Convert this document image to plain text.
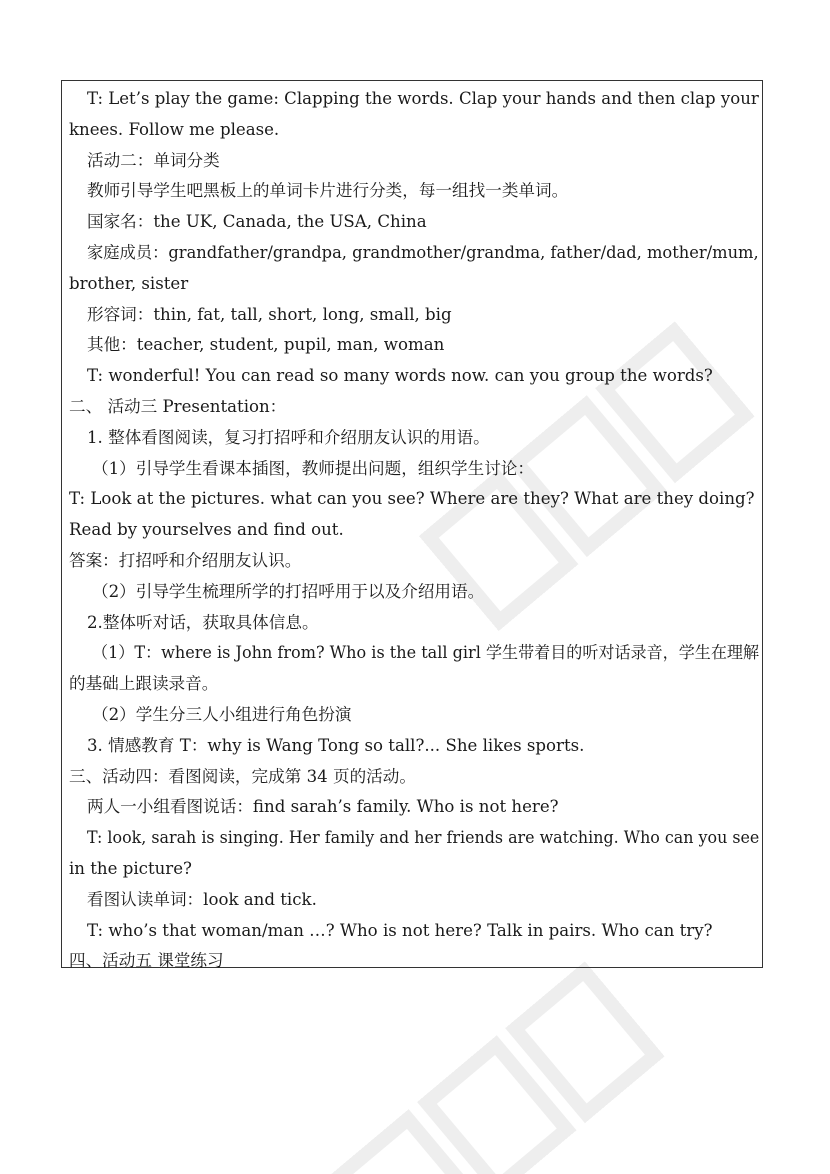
T: Let’s play the game: Clapping the words. Clap your hands and then clap your
knees. Follow me please.
活动二：单词分类
教师引导学生吧黑板上的单词卡片进行分类，每一组找一类单词。
国家名：the UK, Canada, the USA, China
家庭成员：grandfather/grandpa, grandmother/grandma, father/dad, mother/mum,
brother, sister
形容词：thin, fat, tall, short, long, small, big
其他：teacher, student, pupil, man, woman
T: wonderful! You can read so many words now. can you group the words?
二、 活动三 Presentation：
1. 整体看图阅读，复习打招呼和介绍朋友认识的用语。
（1）引导学生看课本插图，教师提出问题，组织学生讨论：
T: Look at the pictures. what can you see? Where are they? What are they doing?
Read by yourselves and find out.
答案：打招呼和介绍朋友认识。
（2）引导学生梳理所学的打招呼用于以及介绍用语。
2.整体听对话，获取具体信息。
（1）T：where is John from? Who is the tall girl 学生带着目的听对话录音，学生在理解
的基础上跟读录音。
（2）学生分三人小组进行角色扮演
3. 情感教育 T：why is Wang Tong so tall?... She likes sports.
三、活动四：看图阅读，完成第 34 页的活动。
两人一小组看图说话：find sarah’s family. Who is not here?
T: look, sarah is singing. Her family and her friends are watching. Who can you see
in the picture?
看图认读单词：look and tick.
T: who’s that woman/man …? Who is not here? Talk in pairs. Who can try?
四、活动五 课堂练习
